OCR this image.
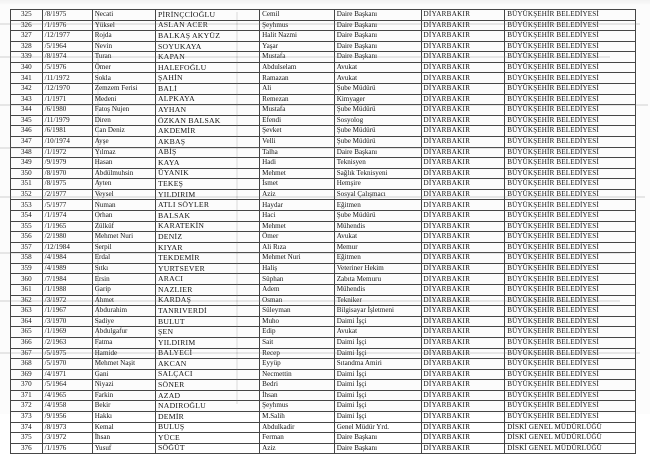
325	/8/1975	Necati	PİRİNÇCİOĞLU	Cemil	Daire Başkanı	DİYARBAKIR	BÜYÜKŞEHİR BELEDİYESİ
326	/1/1976	Yüksel	ASLAN ACER	Şeyhmus	Daire Başkanı	DİYARBAKIR	BÜYÜKŞEHİR BELEDİYESİ
327	/12/1977	Rojda	BALKAŞ AKYÜZ	Halit Nazmi	Daire Başkanı	DİYARBAKIR	BÜYÜKŞEHİR BELEDİYESİ
328	/5/1964	Nevin	SOYUKAYA	Yaşar	Daire Başkanı	DİYARBAKIR	BÜYÜKŞEHİR BELEDİYESİ
339	/8/1974	Turan	KAPAN	Mustafa	Daire Başkanı	DİYARBAKIR	BÜYÜKŞEHİR BELEDİYESİ
340	/5/1976	Ömer	HALEFOĞLU	Abdulselam	Avukat	DİYARBAKIR	BÜYÜKŞEHİR BELEDİYESİ
341	/11/1972	Sokla	ŞAHİN	Ramazan	Avukat	DİYARBAKIR	BÜYÜKŞEHİR BELEDİYESİ
342	/12/1970	Zemzem Ferisi	BALİ	Ali	Şube Müdürü	DİYARBAKIR	BÜYÜKŞEHİR BELEDİYESİ
343	/1/1971	Medeni	ALPKAYA	Remezan	Kimyager	DİYARBAKIR	BÜYÜKŞEHİR BELEDİYESİ
344	/6/1980	Fatoş Nujen	AYHAN	Mustafa	Şube Müdürü	DİYARBAKIR	BÜYÜKŞEHİR BELEDİYESİ
345	/11/1979	Diren	ÖZKAN BALSAK	Efendi	Sosyolog	DİYARBAKIR	BÜYÜKŞEHİR BELEDİYESİ
346	/6/1981	Can Deniz	AKDEMİR	Şevket	Şube Müdürü	DİYARBAKIR	BÜYÜKŞEHİR BELEDİYESİ
347	/10/1974	Ayşe	AKBAŞ	Velli	Şube Müdürü	DİYARBAKIR	BÜYÜKŞEHİR BELEDİYESİ
348	/1/1972	Yılmaz	ABİŞ	Talha	Daire Başkanı	DİYARBAKIR	BÜYÜKŞEHİR BELEDİYESİ
349	/9/1979	Hasan	KAYA	Hadi	Teknisyen	DİYARBAKIR	BÜYÜKŞEHİR BELEDİYESİ
350	/8/1970	Abdülmuhsin	ÜYANIK	Mehmet	Sağlık Teknisyeni	DİYARBAKIR	BÜYÜKŞEHİR BELEDİYESİ
351	/8/1975	Ayten	TEKEŞ	İsmet	Hemşire	DİYARBAKIR	BÜYÜKŞEHİR BELEDİYESİ
352	/2/1977	Veysel	YILDIRIM	Aziz	Sosyal Çalışmacı	DİYARBAKIR	BÜYÜKŞEHİR BELEDİYESİ
353	/5/1977	Numan	ATLI SÖYLER	Haydar	Eğitmen	DİYARBAKIR	BÜYÜKŞEHİR BELEDİYESİ
354	/1/1974	Orhan	BALSAK	Haci	Şube Müdürü	DİYARBAKIR	BÜYÜKŞEHİR BELEDİYESİ
355	/1/1965	Zülküf	KARATEKİN	Mehmet	Mühendis	DİYARBAKIR	BÜYÜKŞEHİR BELEDİYESİ
356	/2/1980	Mehmet Nuri	DENİZ	Ömer	Avukat	DİYARBAKIR	BÜYÜKŞEHİR BELEDİYESİ
357	/12/1984	Serpil	KIYAR	Ali Rıza	Memur	DİYARBAKIR	BÜYÜKŞEHİR BELEDİYESİ
358	/4/1984	Erdal	TEKDEMİR	Mehmet Nuri	Eğitmen	DİYARBAKIR	BÜYÜKŞEHİR BELEDİYESİ
359	/4/1989	Sıtkı	YURTSEVER	Haliş	Veteriner Hekim	DİYARBAKIR	BÜYÜKŞEHİR BELEDİYESİ
360	/7/1984	Ersin	ARACI	Süphan	Zabıta Memuru	DİYARBAKIR	BÜYÜKŞEHİR BELEDİYESİ
361	/1/1988	Garip	NAZLIER	Adem	Mühendis	DİYARBAKIR	BÜYÜKŞEHİR BELEDİYESİ
362	/3/1972	Ahmet	KARDAŞ	Osman	Tekniker	DİYARBAKIR	BÜYÜKŞEHİR BELEDİYESİ
363	/1/1967	Abdurahim	TANRIVERDİ	Süleyman	Bilgisayar İşletmeni	DİYARBAKIR	BÜYÜKŞEHİR BELEDİYESİ
364	/3/1970	Sadiye	BULUT	Muho	Daimi İşçi	DİYARBAKIR	BÜYÜKŞEHİR BELEDİYESİ
365	/1/1969	Abdulgafur	ŞEN	Edip	Avukat	DİYARBAKIR	BÜYÜKŞEHİR BELEDİYESİ
366	/2/1963	Fatma	YILDIRIM	Sait	Daimi İşçi	DİYARBAKIR	BÜYÜKŞEHİR BELEDİYESİ
367	/5/1975	Hamide	BALYECİ	Recep	Daimi İşçi	DİYARBAKIR	BÜYÜKŞEHİR BELEDİYESİ
368	/5/1970	Mehmet Naşit	AKCAN	Eyyüp	Sıtandma Amiri	DİYARBAKIR	BÜYÜKŞEHİR BELEDİYESİ
369	/4/1971	Gani	SALÇACI	Necmettin	Daimi İşçi	DİYARBAKIR	BÜYÜKŞEHİR BELEDİYESİ
370	/5/1964	Niyazi	SÖNER	Bedri	Daimi İşçi	DİYARBAKIR	BÜYÜKŞEHİR BELEDİYESİ
371	/4/1965	Farkin	AZAD	İhsan	Daimi İşçi	DİYARBAKIR	BÜYÜKŞEHİR BELEDİYESİ
372	/4/1958	Bekir	NADIROĞLU	Şeyhmus	Daimi İşçi	DİYARBAKIR	BÜYÜKŞEHİR BELEDİYESİ
373	/9/1956	Hakkı	DEMİR	M.Salih	Daimi İşçi	DİYARBAKIR	BÜYÜKŞEHİR BELEDİYESİ
374	/8/1973	Kemal	BULUŞ	Abdulkadir	Genel Müdür Yrd.	DİYARBAKIR	DİSKİ GENEL MÜDÜRLÜĞÜ
375	/3/1972	İhsan	YÜCE	Ferman	Daire Başkanı	DİYARBAKIR	DİSKİ GENEL MÜDÜRLÜĞÜ
376	/1/1976	Yusuf	SÖĞÜT	Aziz	Daire Başkanı	DİYARBAKIR	DİSKİ GENEL MÜDÜRLÜĞÜ
